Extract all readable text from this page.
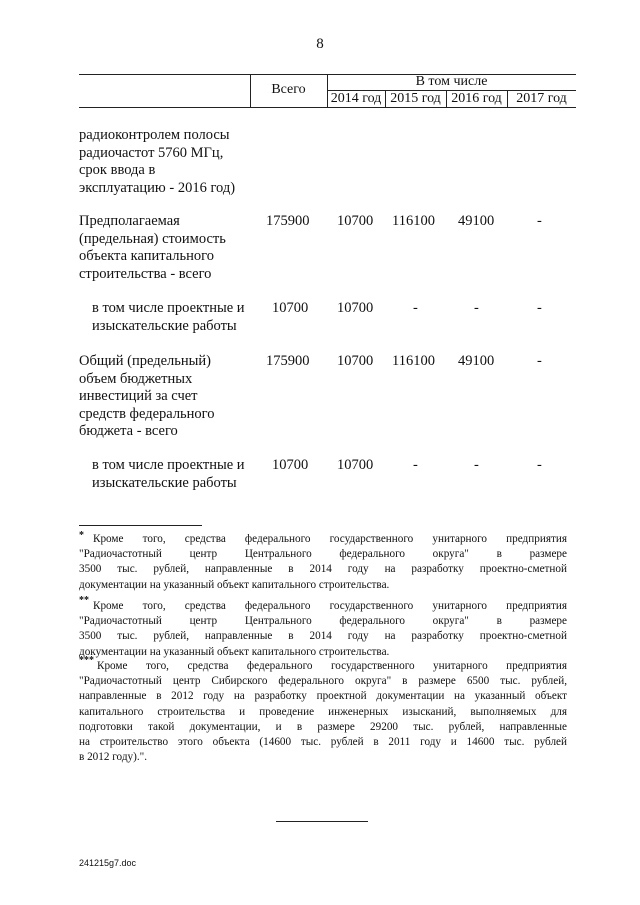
8
Всего
В том числе
2014 год 2015 год 2016 год	2017 год
радиоконтролем полосы
радиочастот 5760 МГц,
срок ввода в
эксплуатацию - 2016 год)
Предполагаемая
(предельная) стоимость
объекта капитального
строительства - всего
175900 10700 116100 49100	-
в том числе проектные и
изыскательские работы
10700 10700	-	-	-
Общий (предельный)
объем бюджетных
инвестиций за счет
средств федерального
бюджета - всего
175900 10700 116100 49100	-
в том числе проектные и
изыскательские работы
10700 10700	-	-	-
* Кроме того, средства федерального государственного унитарного предприятия
"Радиочастотный центр Центрального федерального округа" в размере
3500 тыс. рублей, направленные в 2014 году на разработку проектно-сметной
документации на указанный объект капитального строительства.
** Кроме того, средства федерального государственного унитарного предприятия
"Радиочастотный центр Центрального федерального округа" в размере
3500 тыс. рублей, направленные в 2014 году на разработку проектно-сметной
документации на указанный объект капитального строительства.
*** Кроме того, средства федерального государственного унитарного предприятия
"Радиочастотный центр Сибирского федерального округа" в размере 6500 тыс. рублей,
направленные в 2012 году на разработку проектной документации на указанный объект
капитального строительства и проведение инженерных изысканий, выполняемых для
подготовки такой документации, и в размере 29200 тыс. рублей, направленные
на строительство этого объекта (14600 тыс. рублей в 2011 году и 14600 тыс. рублей
в 2012 году).".
241215g7.doc
